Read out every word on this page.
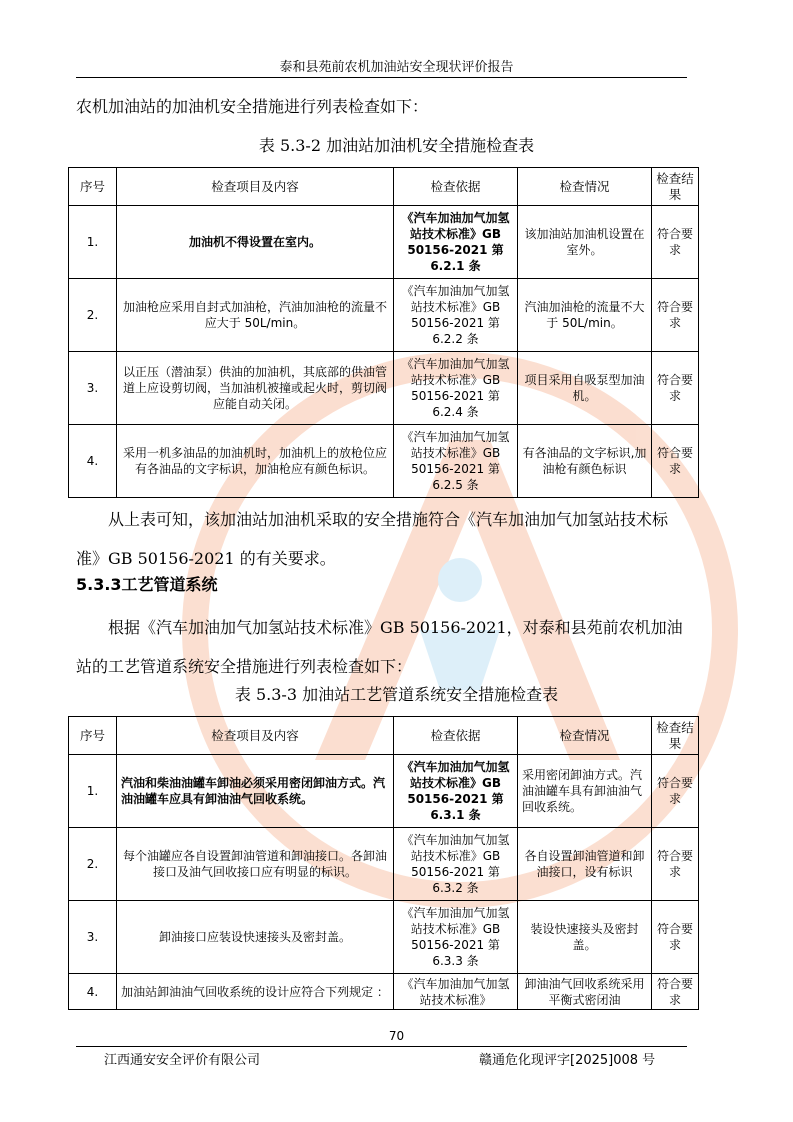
泰和县苑前农机加油站安全现状评价报告
农机加油站的加油机安全措施进行列表检查如下：
表 5.3-2 加油站加油机安全措施检查表
序号	检查项目及内容	检查依据	检查情况	检查结果
1.	加油机不得设置在室内。	《汽车加油加气加氢站技术标准》GB 50156-2021 第 6.2.1 条	该加油站加油机设置在室外。	符合要求
2.	加油枪应采用自封式加油枪，汽油加油枪的流量不应大于 50L/min。	《汽车加油加气加氢站技术标准》GB 50156-2021 第 6.2.2 条	汽油加油枪的流量不大于 50L/min。	符合要求
3.	以正压（潜油泵）供油的加油机，其底部的供油管道上应设剪切阀，当加油机被撞或起火时，剪切阀应能自动关闭。	《汽车加油加气加氢站技术标准》GB 50156-2021 第 6.2.4 条	项目采用自吸泵型加油机。	符合要求
4.	采用一机多油品的加油机时，加油机上的放枪位应有各油品的文字标识，加油枪应有颜色标识。	《汽车加油加气加氢站技术标准》GB 50156-2021 第 6.2.5 条	有各油品的文字标识,加油枪有颜色标识	符合要求
从上表可知，该加油站加油机采取的安全措施符合《汽车加油加气加氢站技术标准》GB 50156-2021 的有关要求。
5.3.3工艺管道系统
根据《汽车加油加气加氢站技术标准》GB 50156-2021，对泰和县苑前农机加油站的工艺管道系统安全措施进行列表检查如下：
表 5.3-3 加油站工艺管道系统安全措施检查表
序号	检查项目及内容	检查依据	检查情况	检查结果
1.	汽油和柴油油罐车卸油必须采用密闭卸油方式。汽油油罐车应具有卸油油气回收系统。	《汽车加油加气加氢站技术标准》GB 50156-2021 第 6.3.1 条	采用密闭卸油方式。汽油油罐车具有卸油油气回收系统。	符合要求
2.	每个油罐应各自设置卸油管道和卸油接口。各卸油接口及油气回收接口应有明显的标识。	《汽车加油加气加氢站技术标准》GB 50156-2021 第 6.3.2 条	各自设置卸油管道和卸油接口，设有标识	符合要求
3.	卸油接口应装设快速接头及密封盖。	《汽车加油加气加氢站技术标准》GB 50156-2021 第 6.3.3 条	装设快速接头及密封盖。	符合要求
4.	加油站卸油油气回收系统的设计应符合下列规定 ：	《汽车加油加气加氢站技术标准》	卸油油气回收系统采用平衡式密闭油	符合要求
70
江西通安安全评价有限公司	赣通危化现评字[2025]008 号
